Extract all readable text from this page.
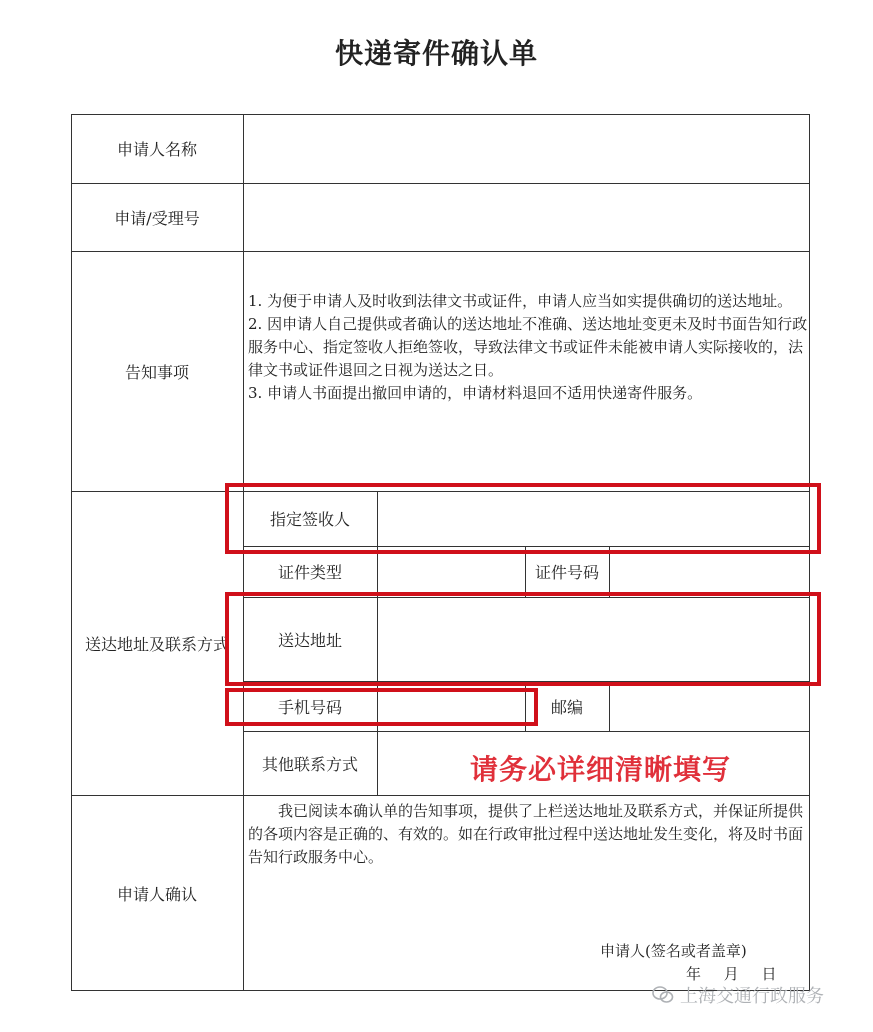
快递寄件确认单
申请人名称
申请/受理号
告知事项
送达地址及联系方式
申请人确认

1. 为便于申请人及时收到法律文书或证件，申请人应当如实提供确切的送达地址。

2. 因申请人自己提供或者确认的送达地址不准确、送达地址变更未及时书面告知行政服务中心、指定签收人拒绝签收，导致法律文书或证件未能被申请人实际接收的，法律文书或证件退回之日视为送达之日。

3. 申请人书面提出撤回申请的，申请材料退回不适用快递寄件服务。

指定签收人
证件类型	证件号码
送达地址
手机号码	邮编
其他联系方式
我已阅读本确认单的告知事项，提供了上栏送达地址及联系方式，并保证所提供的各项内容是正确的、有效的。如在行政审批过程中送达地址发生变化，将及时书面告知行政服务中心。
申请人(签名或者盖章)
年 月 日
请务必详细清晰填写
上海交通行政服务
